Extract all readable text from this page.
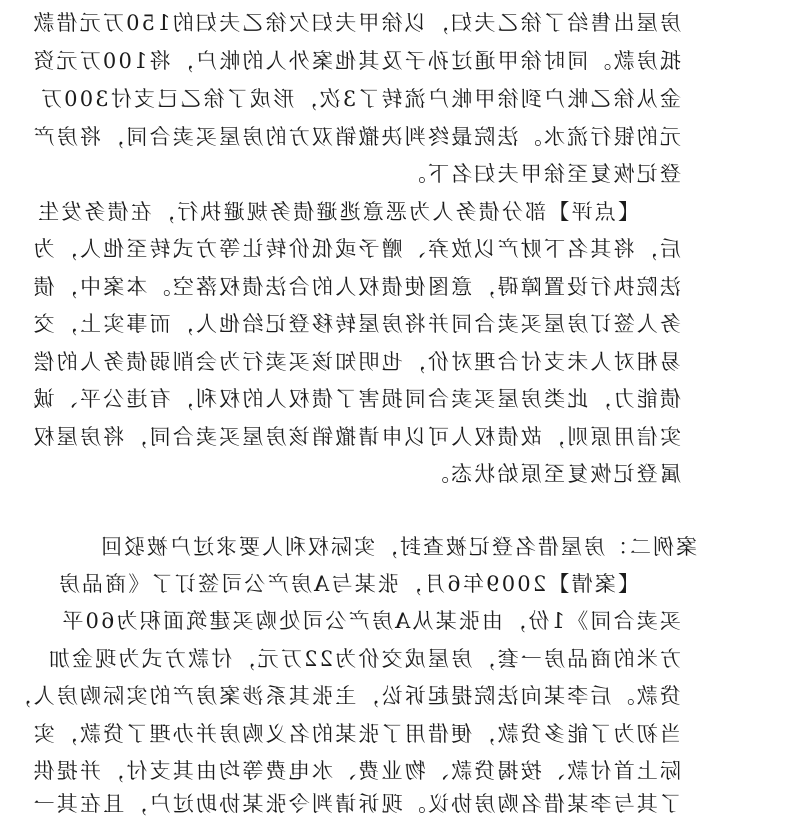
房屋出售给了徐乙夫妇，以徐甲夫妇欠徐乙夫妇的150万元借款
抵房款。同时徐甲通过孙子及其他案外人的帐户，将100万元资
金从徐乙帐户到徐甲帐户流转了3次，形成了徐乙已支付300万
元的银行流水。法院最终判决撤销双方的房屋买卖合同，将房产
登记恢复至徐甲夫妇名下。
【点评】部分债务人为恶意逃避债务规避执行，在债务发生
后，将其名下财产以放弃、赠予或低价转让等方式转至他人，为
法院执行设置障碍，意图使债权人的合法债权落空。本案中，债
务人签订房屋买卖合同并将房屋转移登记给他人，而事实上，交
易相对人未支付合理对价，也明知该买卖行为会削弱债务人的偿
债能力，此类房屋买卖合同损害了债权人的权利，有违公平、诚
实信用原则，故债权人可以申请撤销该房屋买卖合同，将房屋权
属登记恢复至原始状态。
案例二：房屋借名登记被查封，实际权利人要求过户被驳回
【案情】2009年6月，张某与A房产公司签订了《商品房
买卖合同》1份，由张某从A房产公司处购买建筑面积为60平
方米的商品房一套，房屋成交价为22万元，付款方式为现金加
贷款。后李某向法院提起诉讼，主张其系涉案房产的实际购房人，
当初为了能多贷款，便借用了张某的名义购房并办理了贷款，实
际上首付款、按揭贷款、物业费、水电费等均由其支付，并提供
了其与李某借名购房协议。现诉请判令张某协助过户，且在其一
